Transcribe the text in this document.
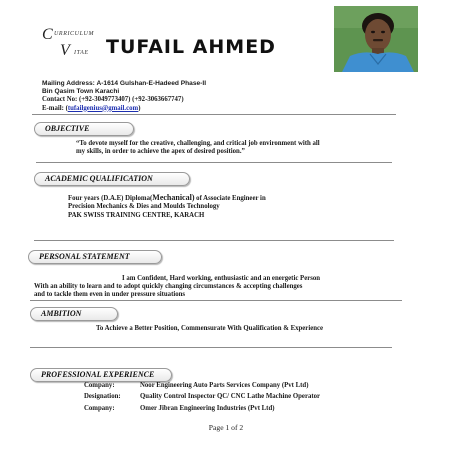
C URRICULUM
V ITAE TUFAIL AHMED
Mailing Address: A-1614 Gulshan-E-Hadeed Phase-II
Bin Qasim Town Karachi
Contact No: (+92-3049773407) (+92-3063667747)
E-mail: (tufailgenius@gmail.com)
OBJECTIVE
“To devote myself for the creative, challenging, and critical job environment with all
my skills, in order to achieve the apex of desired position.”
ACADEMIC QUALIFICATION
Four years (D.A.E) Diploma(Mechanical) of Associate Engineer in
Precision Mechanics & Dies and Moulds Technology
PAK SWISS TRAINING CENTRE, KARACH
PERSONAL STATEMENT
I am Confident, Hard working, enthusiastic and an energetic Person
With an ability to learn and to adopt quickly changing circumstances & accepting challenges
and to tackle them even in under pressure situations
AMBITION
To Achieve a Better Position, Commensurate With Qualification & Experience
PROFESSIONAL EXPERIENCE
Company:	Noor Engineering Auto Parts Services Company (Pvt Ltd)
Designation:	Quality Control Inspector QC/ CNC Lathe Machine Operator
Company:	Omer Jibran Engineering Industries (Pvt Ltd)
Page 1 of 2
